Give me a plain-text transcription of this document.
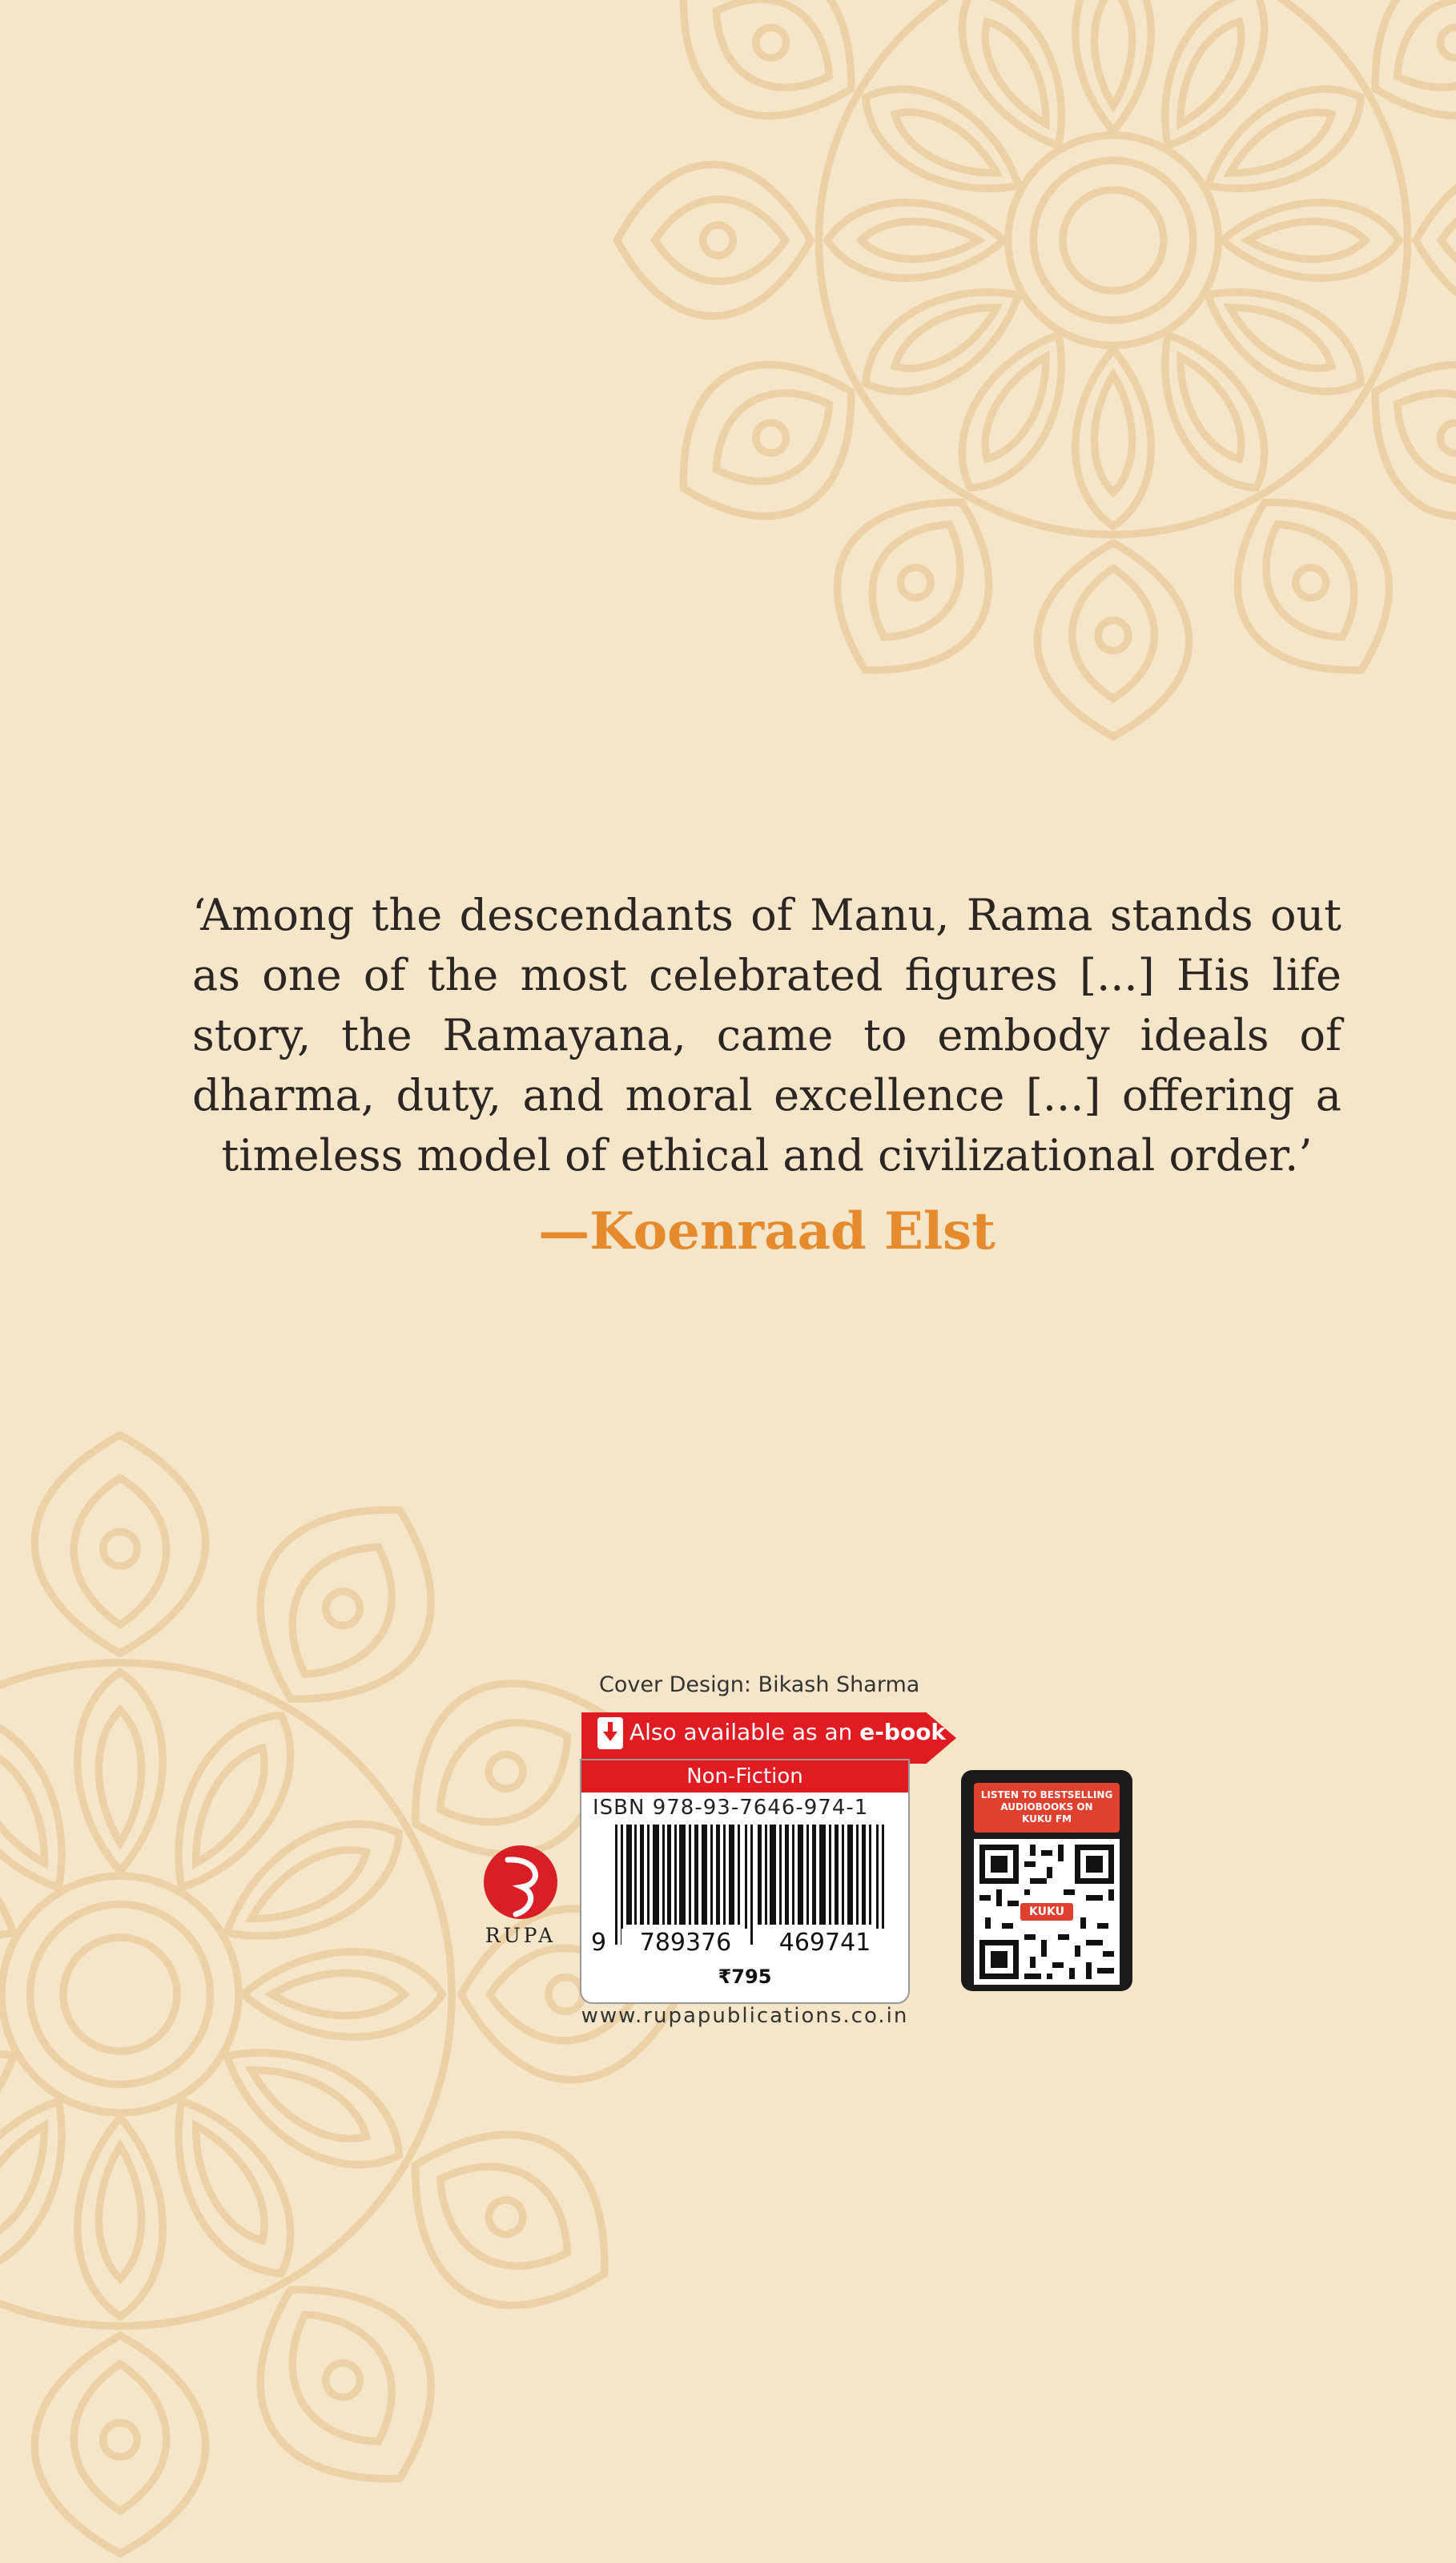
‘Among the descendants of Manu, Rama stands out as one of the most celebrated figures [...] His life story, the Ramayana, came to embody ideals of dharma, duty, and moral excellence [...] offering a timeless model of ethical and civilizational order.’

—Koenraad Elst

Cover Design: Bikash Sharma
Also available as an e-book
Non-Fiction
ISBN 978-93-7646-974-1
9	789376	469741
₹795
www.rupapublications.co.in
RUPA
LISTEN TO BESTSELLING
AUDIOBOOKS ON
KUKU FM
KUKU FM
